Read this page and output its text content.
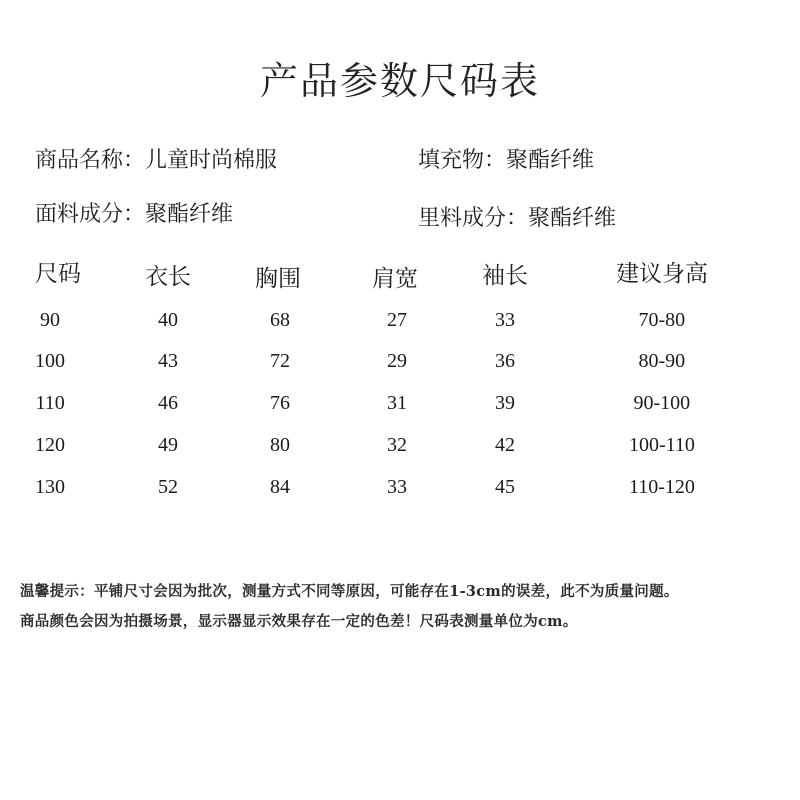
产品参数尺码表
商品名称：儿童时尚棉服	填充物：聚酯纤维
面料成分：聚酯纤维	里料成分：聚酯纤维
尺码	衣长	胸围	肩宽	袖长	建议身高
90	40	68	27	33	70-80
100	43	72	29	36	80-90
110	46	76	31	39	90-100
120	49	80	32	42	100-110
130	52	84	33	45	110-120
温馨提示：平铺尺寸会因为批次，测量方式不同等原因，可能存在1-3cm的误差，此不为质量问题。
商品颜色会因为拍摄场景，显示器显示效果存在一定的色差！尺码表测量单位为cm。
